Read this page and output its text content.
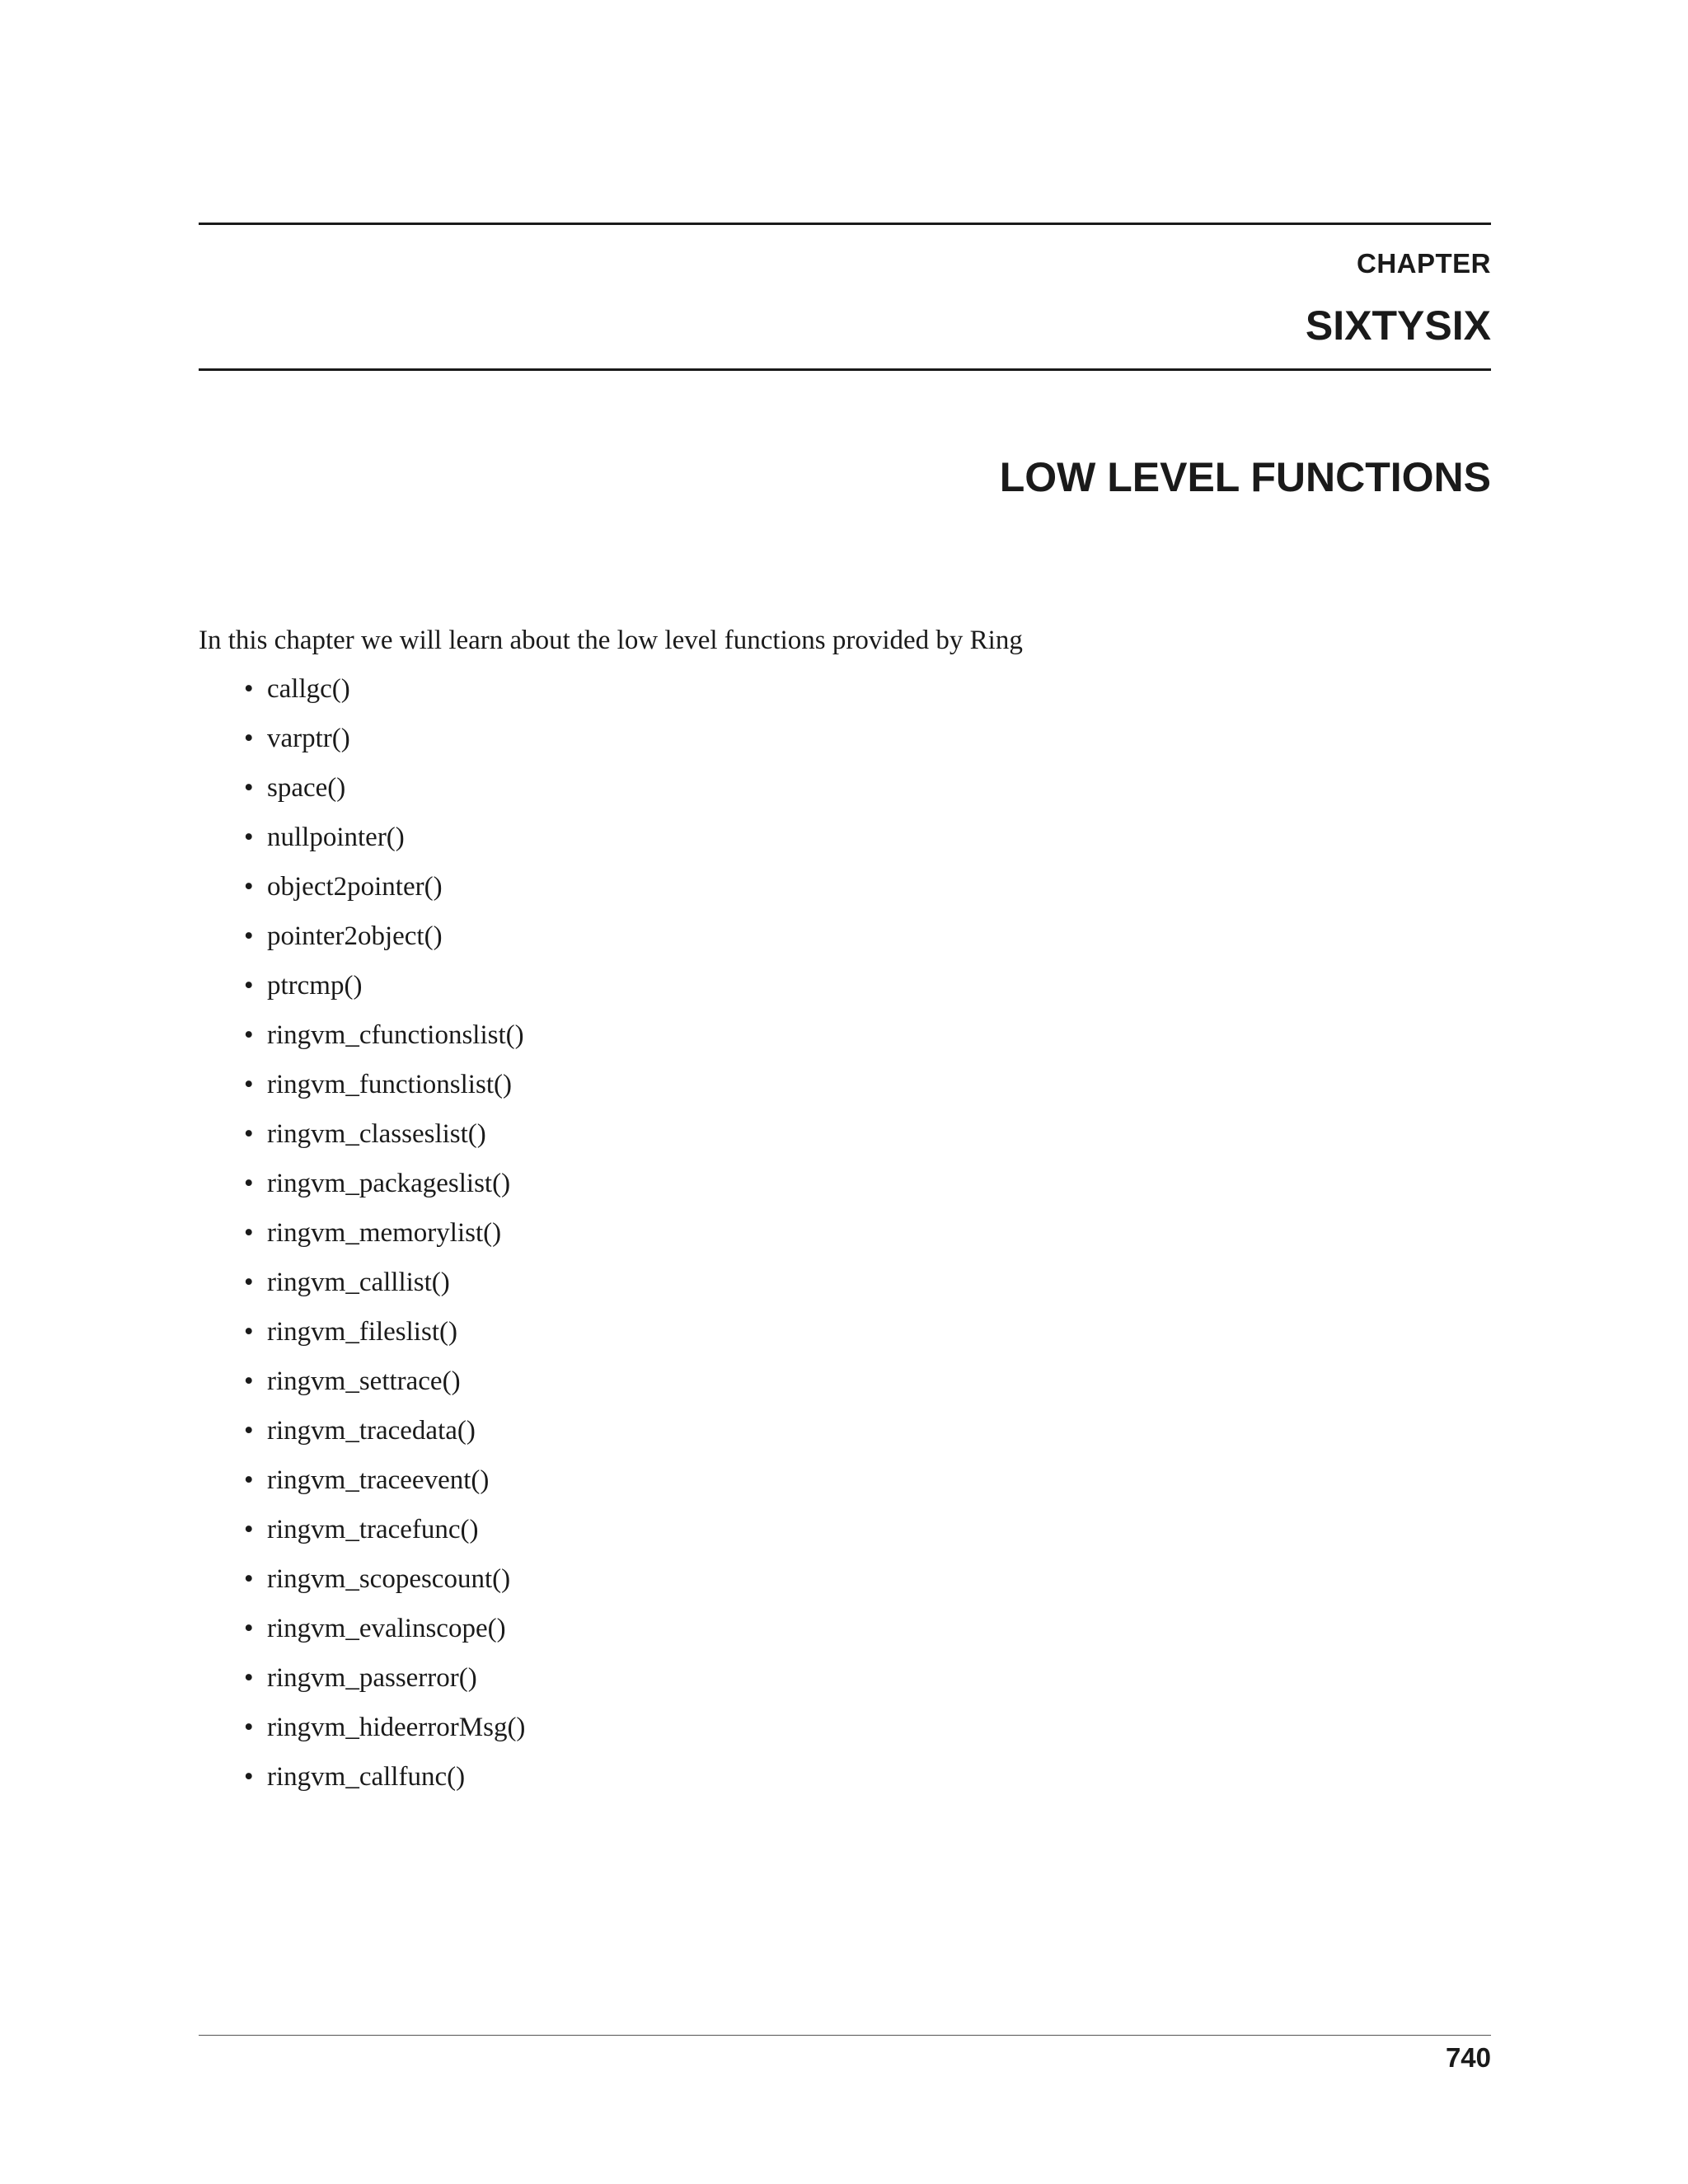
CHAPTER
SIXTYSIX
LOW LEVEL FUNCTIONS
In this chapter we will learn about the low level functions provided by Ring
• callgc()
• varptr()
• space()
• nullpointer()
• object2pointer()
• pointer2object()
• ptrcmp()
• ringvm_cfunctionslist()
• ringvm_functionslist()
• ringvm_classeslist()
• ringvm_packageslist()
• ringvm_memorylist()
• ringvm_calllist()
• ringvm_fileslist()
• ringvm_settrace()
• ringvm_tracedata()
• ringvm_traceevent()
• ringvm_tracefunc()
• ringvm_scopescount()
• ringvm_evalinscope()
• ringvm_passerror()
• ringvm_hideerrorMsg()
• ringvm_callfunc()
740
